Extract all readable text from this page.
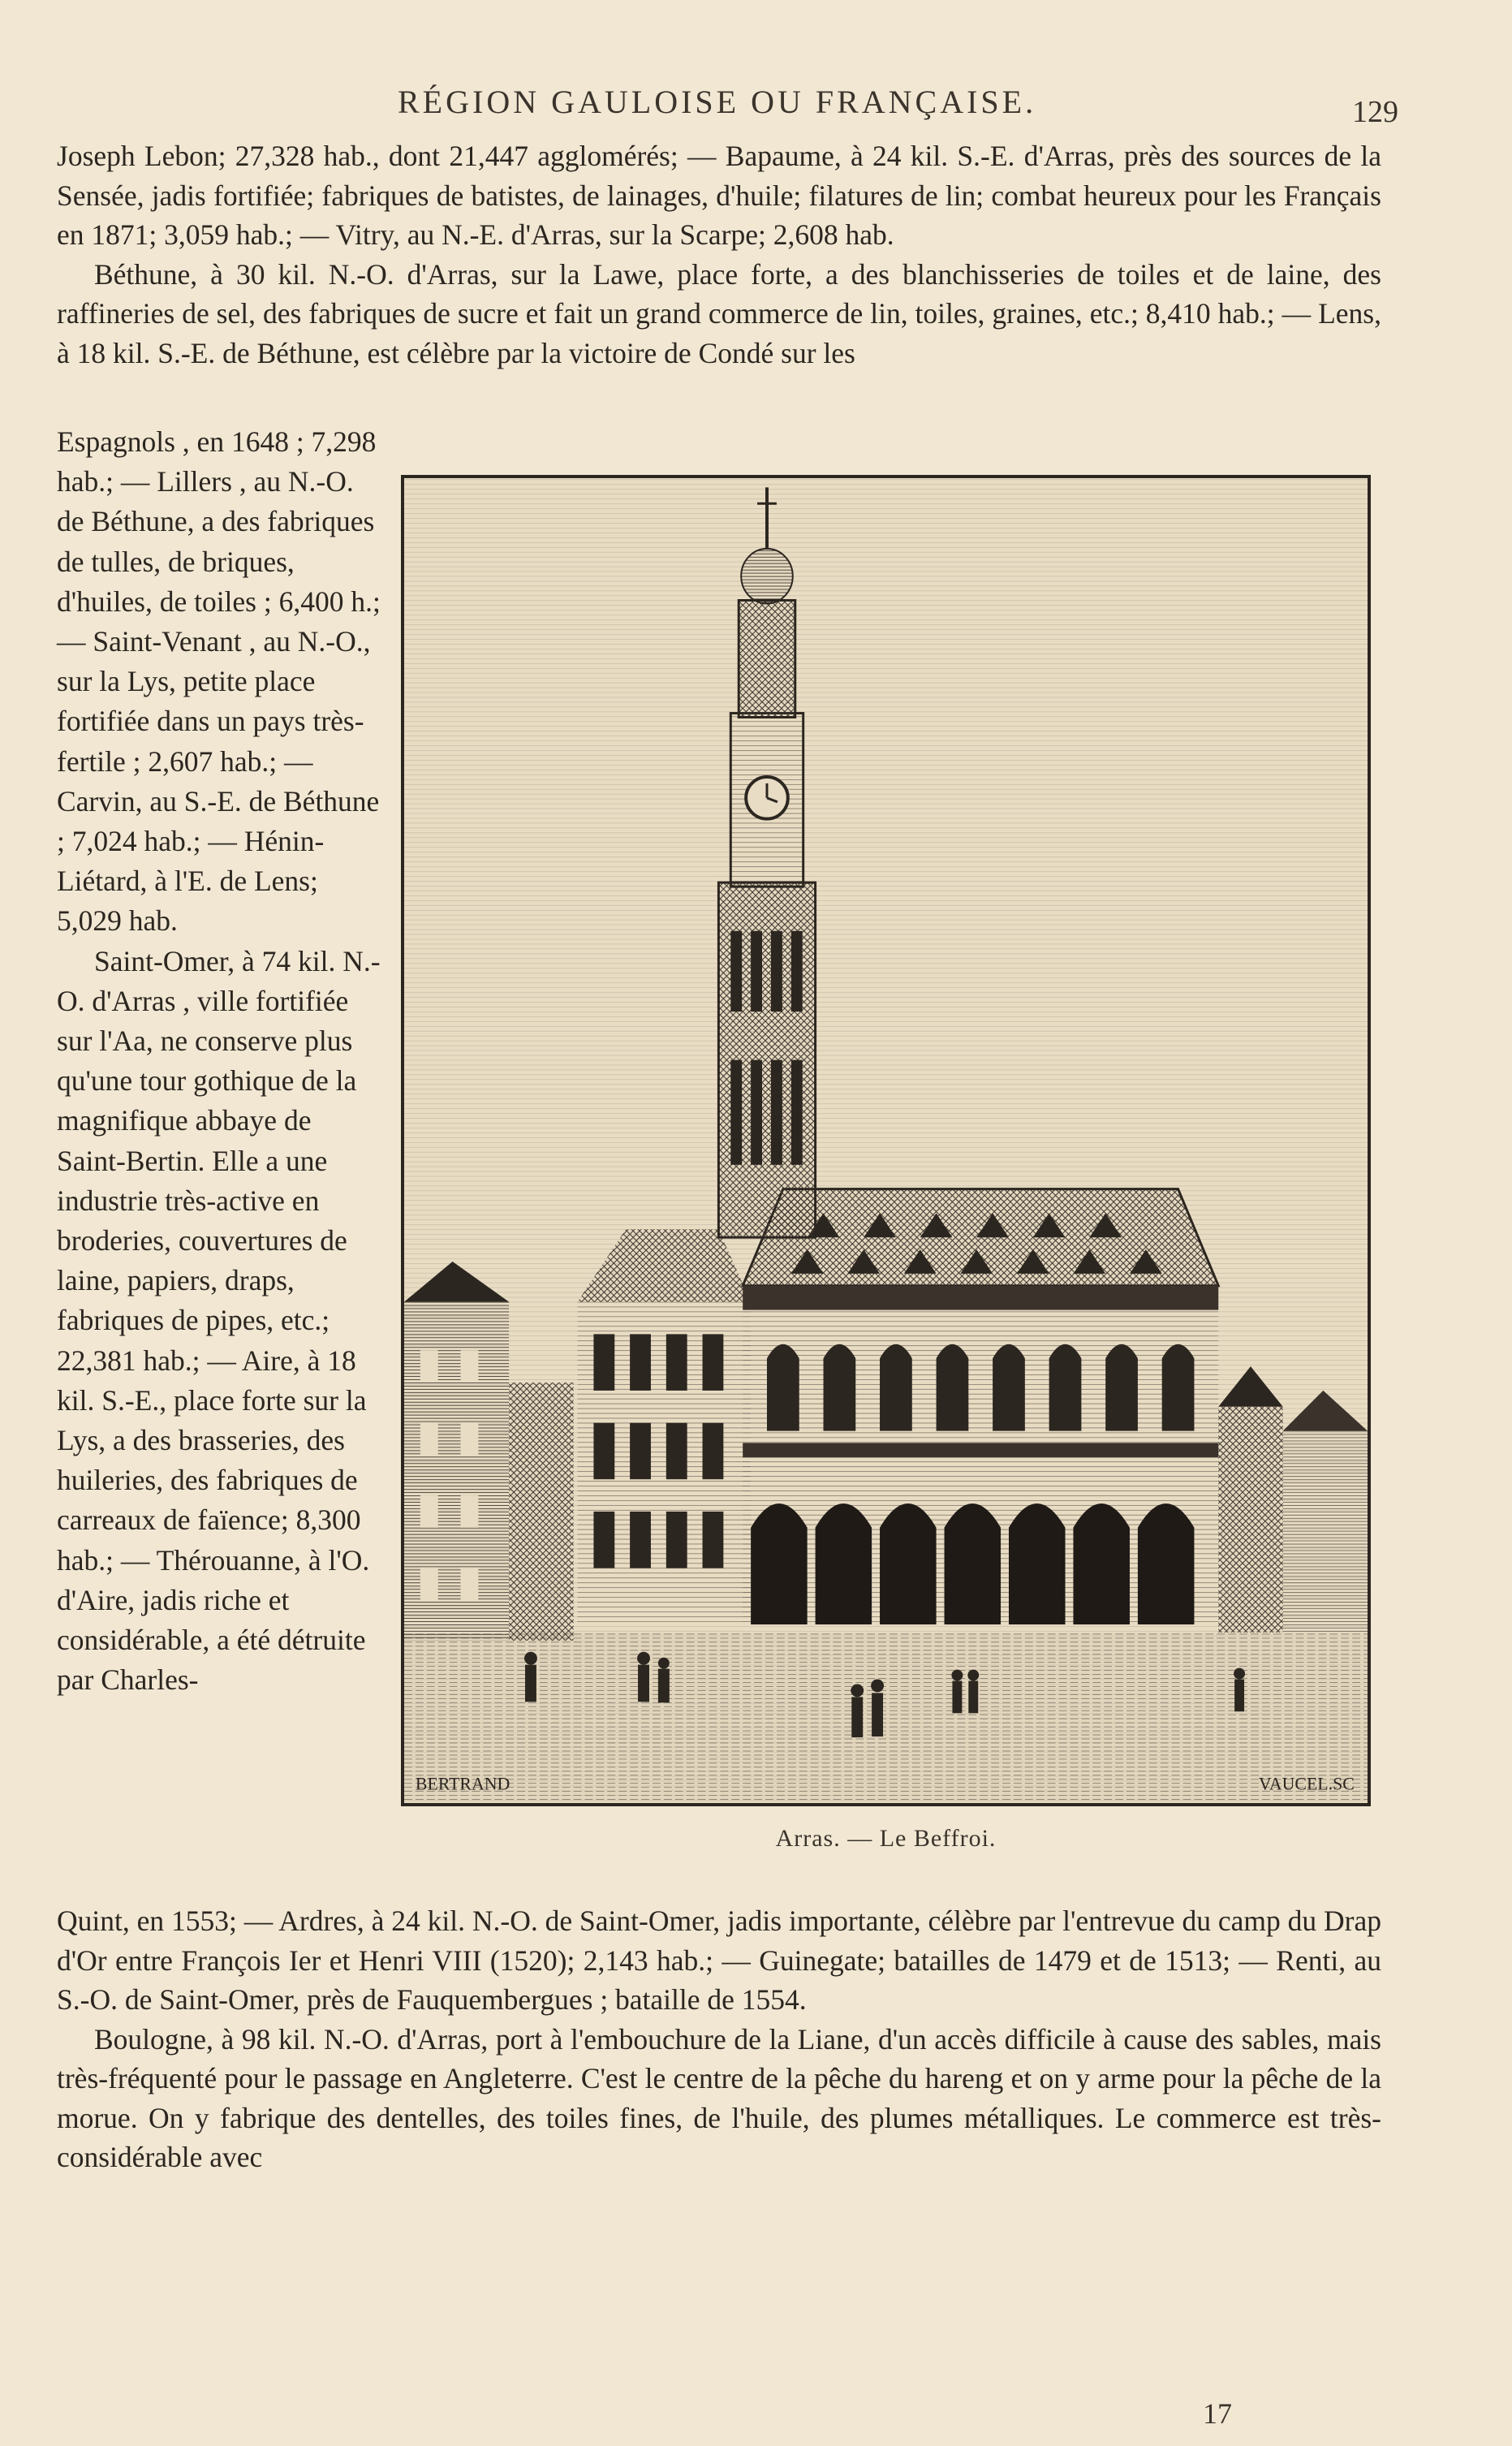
RÉGION GAULOISE OU FRANÇAISE.	129

Joseph Lebon; 27,328 hab., dont 21,447 agglomérés; — Bapaume, à 24 kil. S.-E. d'Arras, près des sources de la Sensée, jadis fortifiée; fabriques de batistes, de lainages, d'huile; filatures de lin; combat heureux pour les Français en 1871; 3,059 hab.; — Vitry, au N.-E. d'Arras, sur la Scarpe; 2,608 hab.

Béthune, à 30 kil. N.-O. d'Arras, sur la Lawe, place forte, a des blanchisseries de toiles et de laine, des raffineries de sel, des fabriques de sucre et fait un grand commerce de lin, toiles, graines, etc.; 8,410 hab.; — Lens, à 18 kil. S.-E. de Béthune, est célèbre par la victoire de Condé sur les

Espagnols , en 1648 ; 7,298 hab.; — Lillers , au N.-O. de Béthune, a des fabriques de tulles, de briques, d'huiles, de toiles ; 6,400 h.; — Saint-Venant , au N.-O., sur la Lys, petite place fortifiée dans un pays très-fertile ; 2,607 hab.; — Carvin, au S.-E. de Béthune ; 7,024 hab.; — Hénin-Liétard, à l'E. de Lens; 5,029 hab.

Saint-Omer, à 74 kil. N.-O. d'Arras , ville fortifiée sur l'Aa, ne conserve plus qu'une tour gothique de la magnifique abbaye de Saint-Bertin. Elle a une industrie très-active en broderies, couvertures de laine, papiers, draps, fabriques de pipes, etc.; 22,381 hab.; — Aire, à 18 kil. S.-E., place forte sur la Lys, a des brasseries, des huileries, des fabriques de carreaux de faïence; 8,300 hab.; — Thérouanne, à l'O. d'Aire, jadis riche et considérable, a été détruite par Charles-

BERTRAND	VAUCEL.SC
Arras. — Le Beffroi.

Quint, en 1553; — Ardres, à 24 kil. N.-O. de Saint-Omer, jadis importante, célèbre par l'entrevue du camp du Drap d'Or entre François Ier et Henri VIII (1520); 2,143 hab.; — Guinegate; batailles de 1479 et de 1513; — Renti, au S.-O. de Saint-Omer, près de Fauquembergues ; bataille de 1554.

Boulogne, à 98 kil. N.-O. d'Arras, port à l'embouchure de la Liane, d'un accès difficile à cause des sables, mais très-fréquenté pour le passage en Angleterre. C'est le centre de la pêche du hareng et on y arme pour la pêche de la morue. On y fabrique des dentelles, des toiles fines, de l'huile, des plumes métalliques. Le commerce est très-considérable avec

17
